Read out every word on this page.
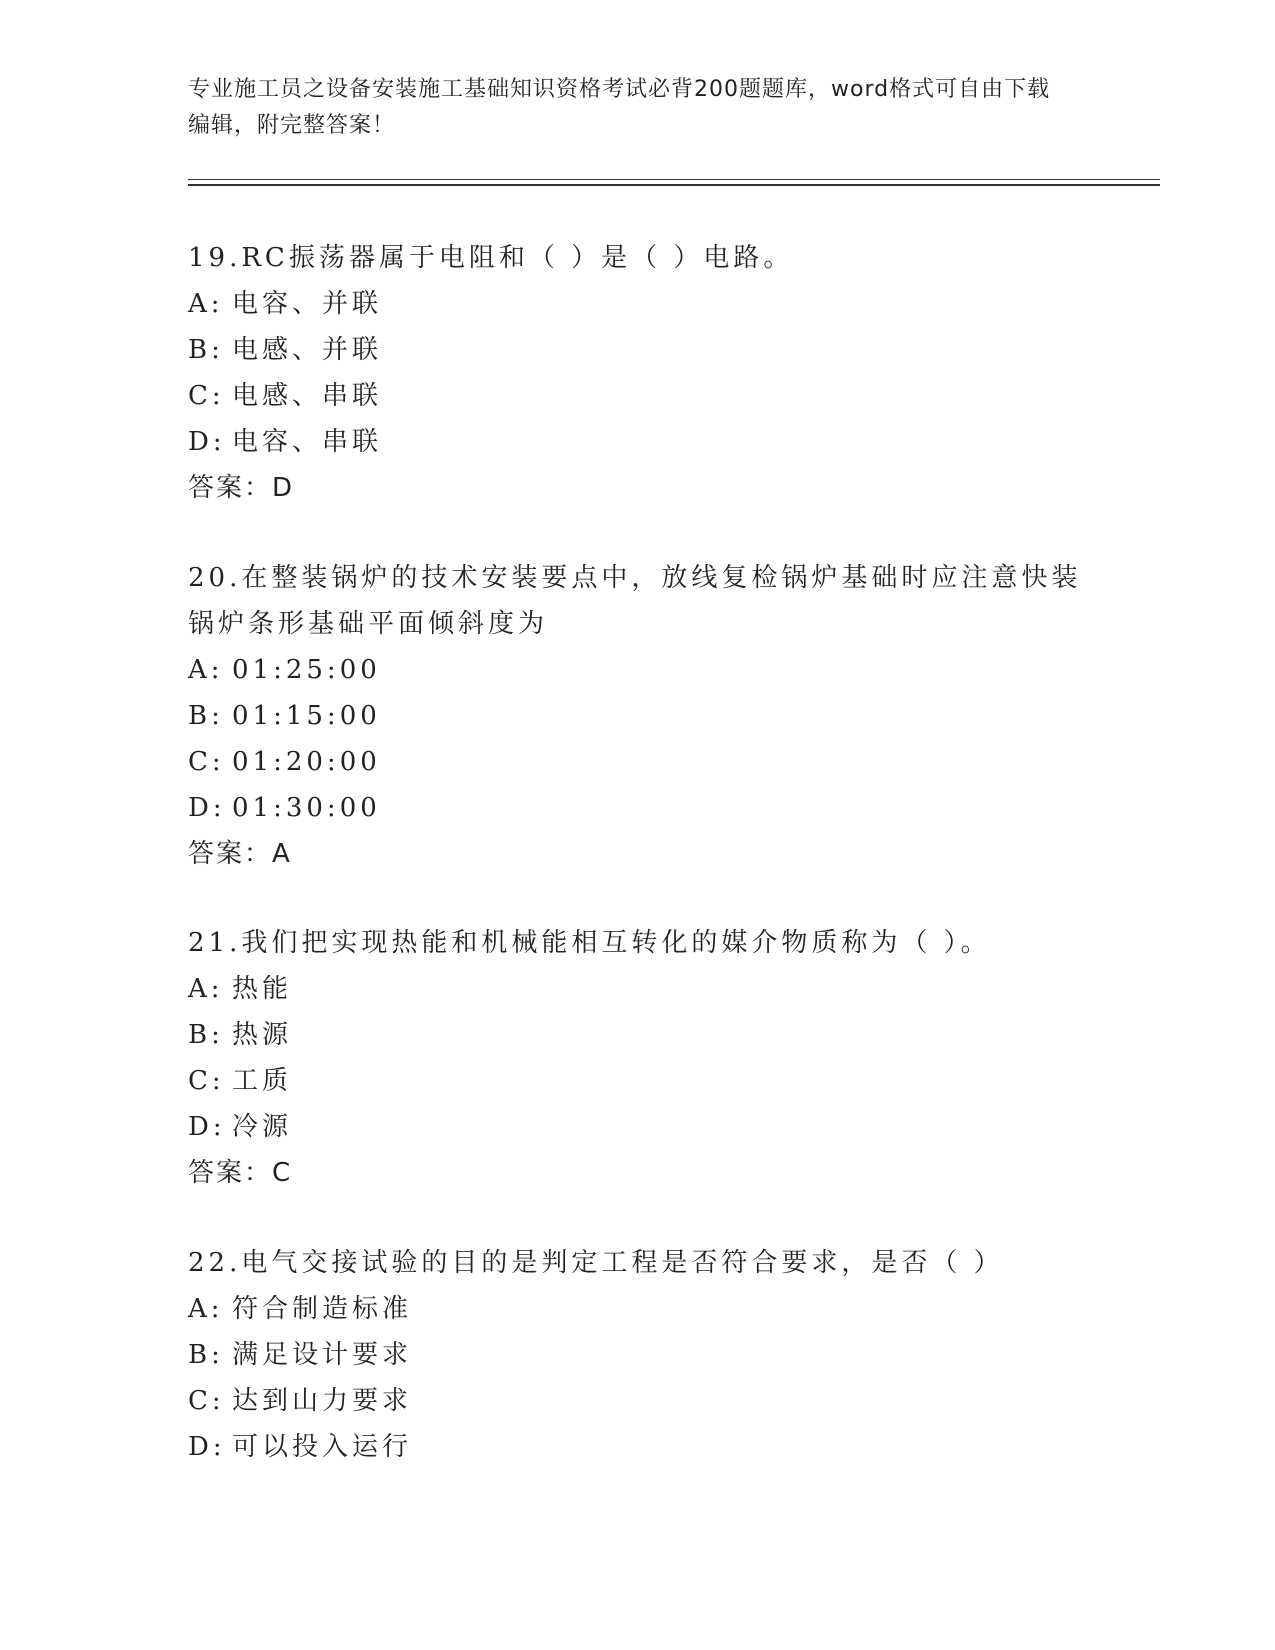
专业施工员之设备安装施工基础知识资格考试必背200题题库，word格式可自由下载编辑，附完整答案！

19.RC振荡器属于电阻和（ ）是（ ）电路。

A: 电容、并联

B: 电感、并联

C: 电感、串联

D: 电容、串联

答案：D

20.在整装锅炉的技术安装要点中，放线复检锅炉基础时应注意快装锅炉条形基础平面倾斜度为

A: 01:25:00

B: 01:15:00

C: 01:20:00

D: 01:30:00

答案：A

21.我们把实现热能和机械能相互转化的媒介物质称为（ ）。

A: 热能

B: 热源

C: 工质

D: 冷源

答案：C

22.电气交接试验的目的是判定工程是否符合要求，是否（ ）

A: 符合制造标准

B: 满足设计要求

C: 达到山力要求

D: 可以投入运行
